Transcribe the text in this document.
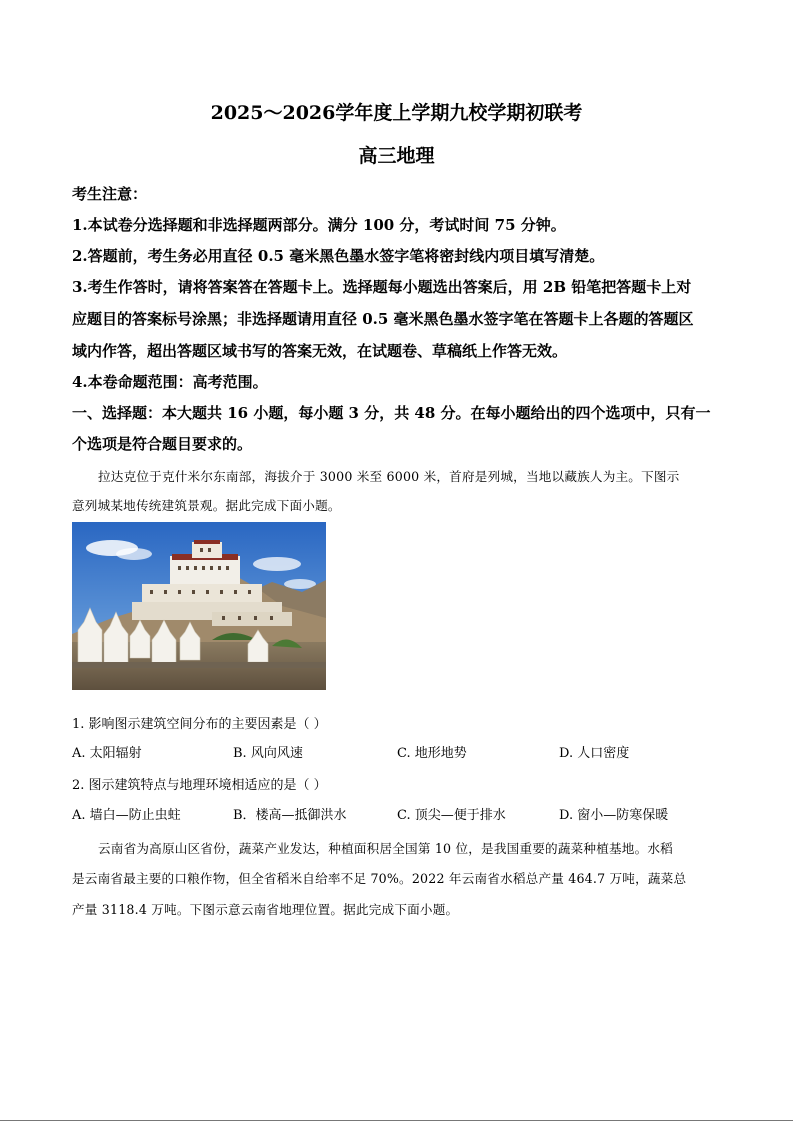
2025～2026学年度上学期九校学期初联考
高三地理
考生注意：
1.本试卷分选择题和非选择题两部分。满分 100 分，考试时间 75 分钟。
2.答题前，考生务必用直径 0.5 毫米黑色墨水签字笔将密封线内项目填写清楚。
3.考生作答时，请将答案答在答题卡上。选择题每小题选出答案后，用 2B 铅笔把答题卡上对
应题目的答案标号涂黑；非选择题请用直径 0.5 毫米黑色墨水签字笔在答题卡上各题的答题区
域内作答，超出答题区域书写的答案无效，在试题卷、草稿纸上作答无效。
4.本卷命题范围：高考范围。
一、选择题：本大题共 16 小题，每小题 3 分，共 48 分。在每小题给出的四个选项中，只有一
个选项是符合题目要求的。
拉达克位于克什米尔东南部，海拔介于 3000 米至 6000 米，首府是列城，当地以藏族人为主。下图示
意列城某地传统建筑景观。据此完成下面小题。
1. 影响图示建筑空间分布的主要因素是（ ）
A. 太阳辐射	B. 风向风速	C. 地形地势	D. 人口密度
2. 图示建筑特点与地理环境相适应的是（ ）
A. 墙白—防止虫蛀	B．楼高—抵御洪水	C. 顶尖—便于排水	D. 窗小—防寒保暖
云南省为高原山区省份，蔬菜产业发达，种植面积居全国第 10 位，是我国重要的蔬菜种植基地。水稻
是云南省最主要的口粮作物，但全省稻米自给率不足 70%。2022 年云南省水稻总产量 464.7 万吨，蔬菜总
产量 3118.4 万吨。下图示意云南省地理位置。据此完成下面小题。
